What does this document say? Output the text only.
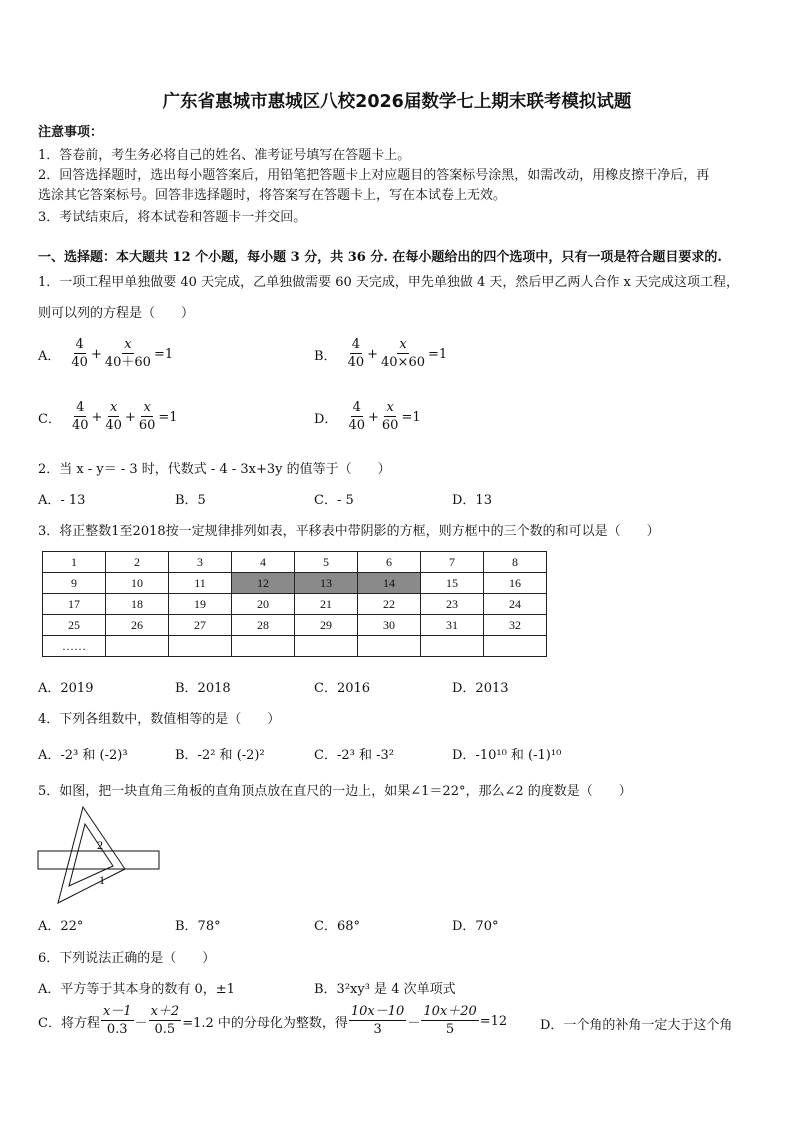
广东省惠城市惠城区八校2026届数学七上期末联考模拟试题
注意事项：
1．答卷前，考生务必将自己的姓名、准考证号填写在答题卡上。
2．回答选择题时，选出每小题答案后，用铅笔把答题卡上对应题目的答案标号涂黑，如需改动，用橡皮擦干净后，再
选涂其它答案标号。回答非选择题时，将答案写在答题卡上，写在本试卷上无效。
3．考试结束后，将本试卷和答题卡一并交回。
一、选择题：本大题共 12 个小题，每小题 3 分，共 36 分. 在每小题给出的四个选项中，只有一项是符合题目要求的.
1．一项工程甲单独做要 40 天完成，乙单独做需要 60 天完成，甲先单独做 4 天，然后甲乙两人合作 x 天完成这项工程，
则可以列的方程是（　　）
A． $\frac{4}{40} + \frac{x}{40+60} =1$	B． $\frac{4}{40} + \frac{x}{40\times 60} =1$
C． $\frac{4}{40} + \frac{x}{40} + \frac{x}{60} =1$	D． $\frac{4}{40} + \frac{x}{60} =1$
2．当 x - y＝ - 3 时，代数式 - 4 - 3x+3y 的值等于（　　）
A．- 13	B．5	C．- 5	D．13
3．将正整数1至2018按一定规律排列如表，平移表中带阴影的方框，则方框中的三个数的和可以是（　　）
1	2	3	4	5	6	7	8
9	10	11	12	13	14	15	16
17	18	19	20	21	22	23	24
25	26	27	28	29	30	31	32
……							
A．2019	B．2018	C．2016	D．2013
4．下列各组数中，数值相等的是（　　）
A．-2³ 和 (-2)³	B．-2² 和 (-2)²	C．-2³ 和 -3²	D．-10¹⁰ 和 (-1)¹⁰
5．如图，把一块直角三角板的直角顶点放在直尺的一边上，如果∠1＝22°，那么∠2 的度数是（　　）
2
1
A．22°	B．78°	C．68°	D．70°
6．下列说法正确的是（　　）
A．平方等于其本身的数有 0，±1	B．3²xy³ 是 4 次单项式
C．将方程 $\frac{x-1}{0.3} - \frac{x+2}{0.5} =1.2$ 中的分母化为整数，得 $\frac{10x-10}{3} - \frac{10x+20}{5} =12$	D．一个角的补角一定大于这个角
